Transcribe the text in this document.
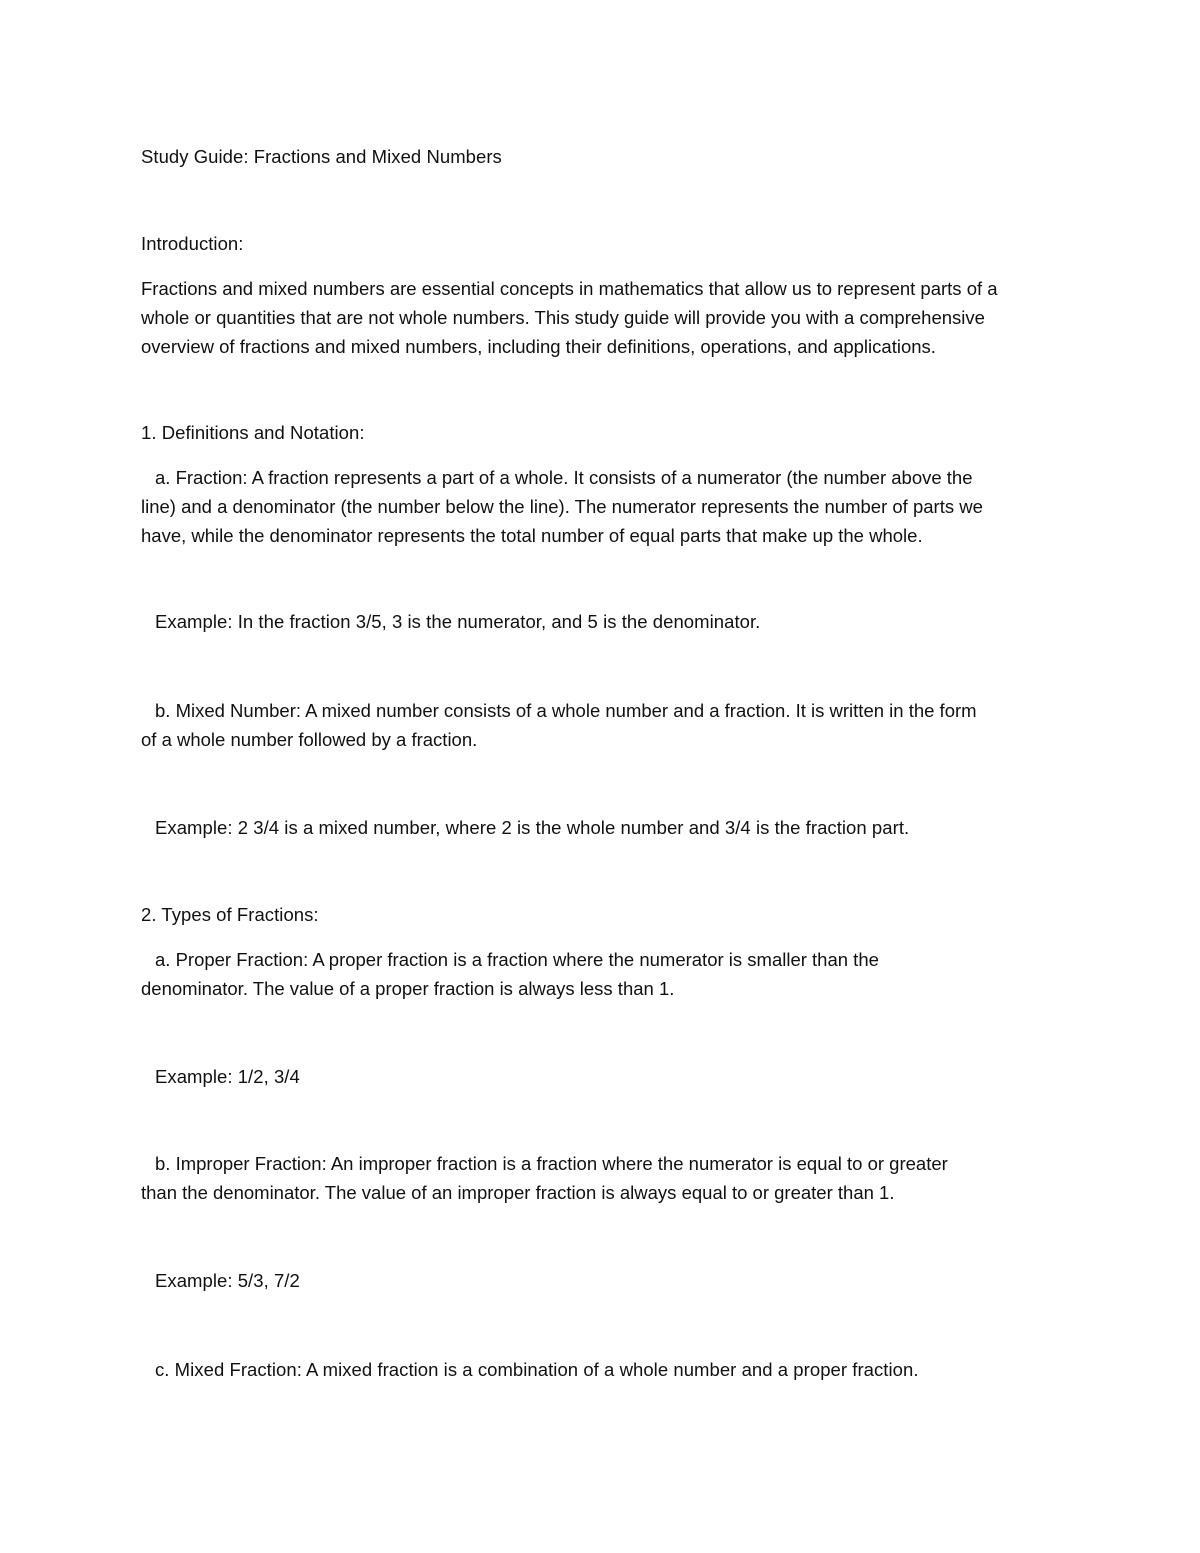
Study Guide: Fractions and Mixed Numbers
Introduction:
Fractions and mixed numbers are essential concepts in mathematics that allow us to represent parts of a
whole or quantities that are not whole numbers. This study guide will provide you with a comprehensive
overview of fractions and mixed numbers, including their definitions, operations, and applications.
1. Definitions and Notation:
a. Fraction: A fraction represents a part of a whole. It consists of a numerator (the number above the
line) and a denominator (the number below the line). The numerator represents the number of parts we
have, while the denominator represents the total number of equal parts that make up the whole.
Example: In the fraction 3/5, 3 is the numerator, and 5 is the denominator.
b. Mixed Number: A mixed number consists of a whole number and a fraction. It is written in the form
of a whole number followed by a fraction.
Example: 2 3/4 is a mixed number, where 2 is the whole number and 3/4 is the fraction part.
2. Types of Fractions:
a. Proper Fraction: A proper fraction is a fraction where the numerator is smaller than the
denominator. The value of a proper fraction is always less than 1.
Example: 1/2, 3/4
b. Improper Fraction: An improper fraction is a fraction where the numerator is equal to or greater
than the denominator. The value of an improper fraction is always equal to or greater than 1.
Example: 5/3, 7/2
c. Mixed Fraction: A mixed fraction is a combination of a whole number and a proper fraction.
